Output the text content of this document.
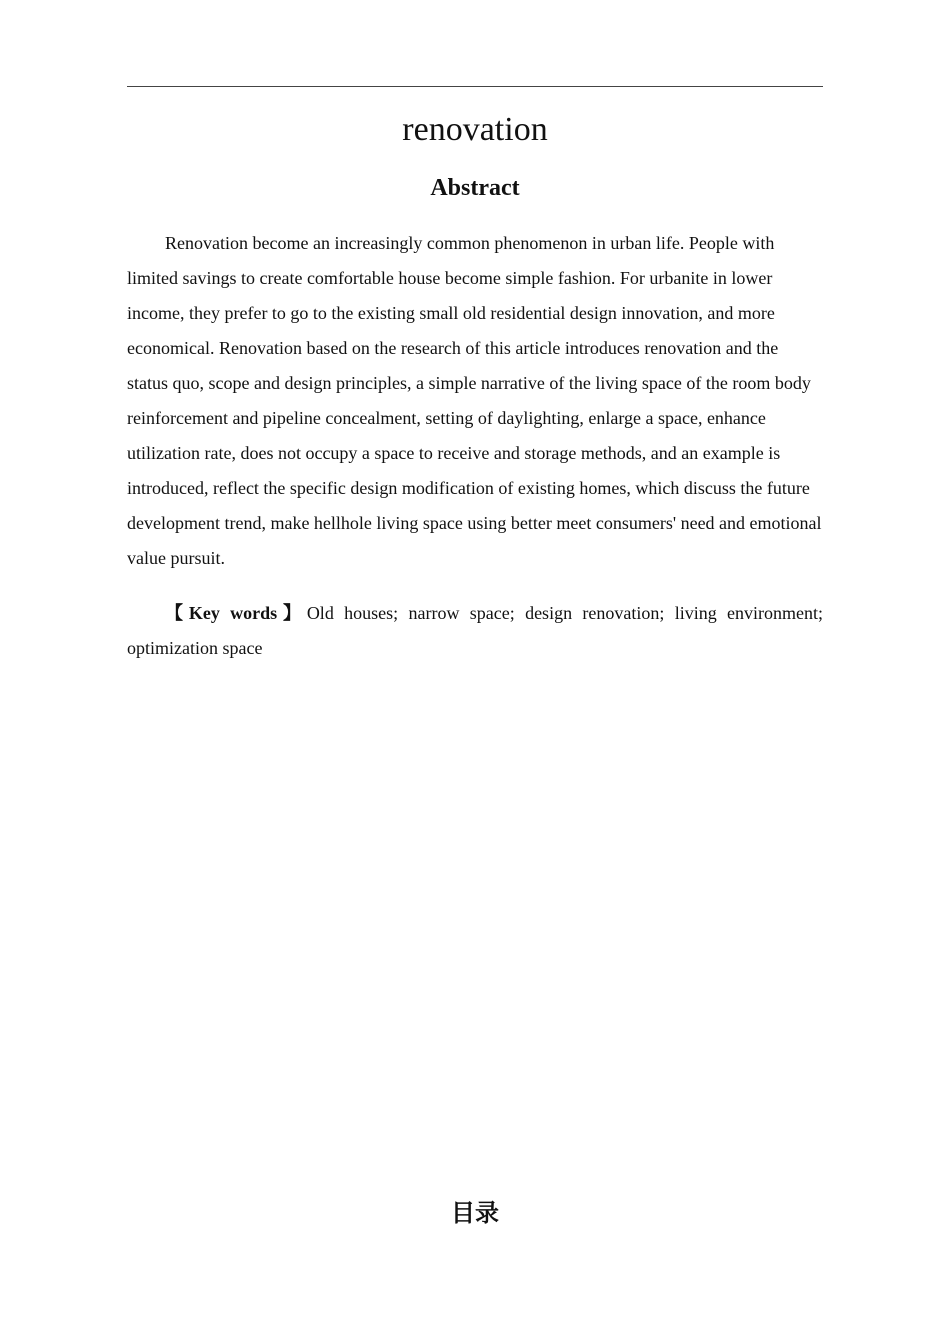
renovation
Abstract

Renovation become an increasingly common phenomenon in urban life. People with limited savings to create comfortable house become simple fashion. For urbanite in lower income, they prefer to go to the existing small old residential design innovation, and more economical. Renovation based on the research of this article introduces renovation and the status quo, scope and design principles, a simple narrative of the living space of the room body reinforcement and pipeline concealment, setting of daylighting, enlarge a space, enhance utilization rate, does not occupy a space to receive and storage methods, and an example is introduced, reflect the specific design modification of existing homes, which discuss the future development trend, make hellhole living space using better meet consumers' need and emotional value pursuit.

【Key words】Old houses; narrow space; design renovation; living environment; optimization space

目录
